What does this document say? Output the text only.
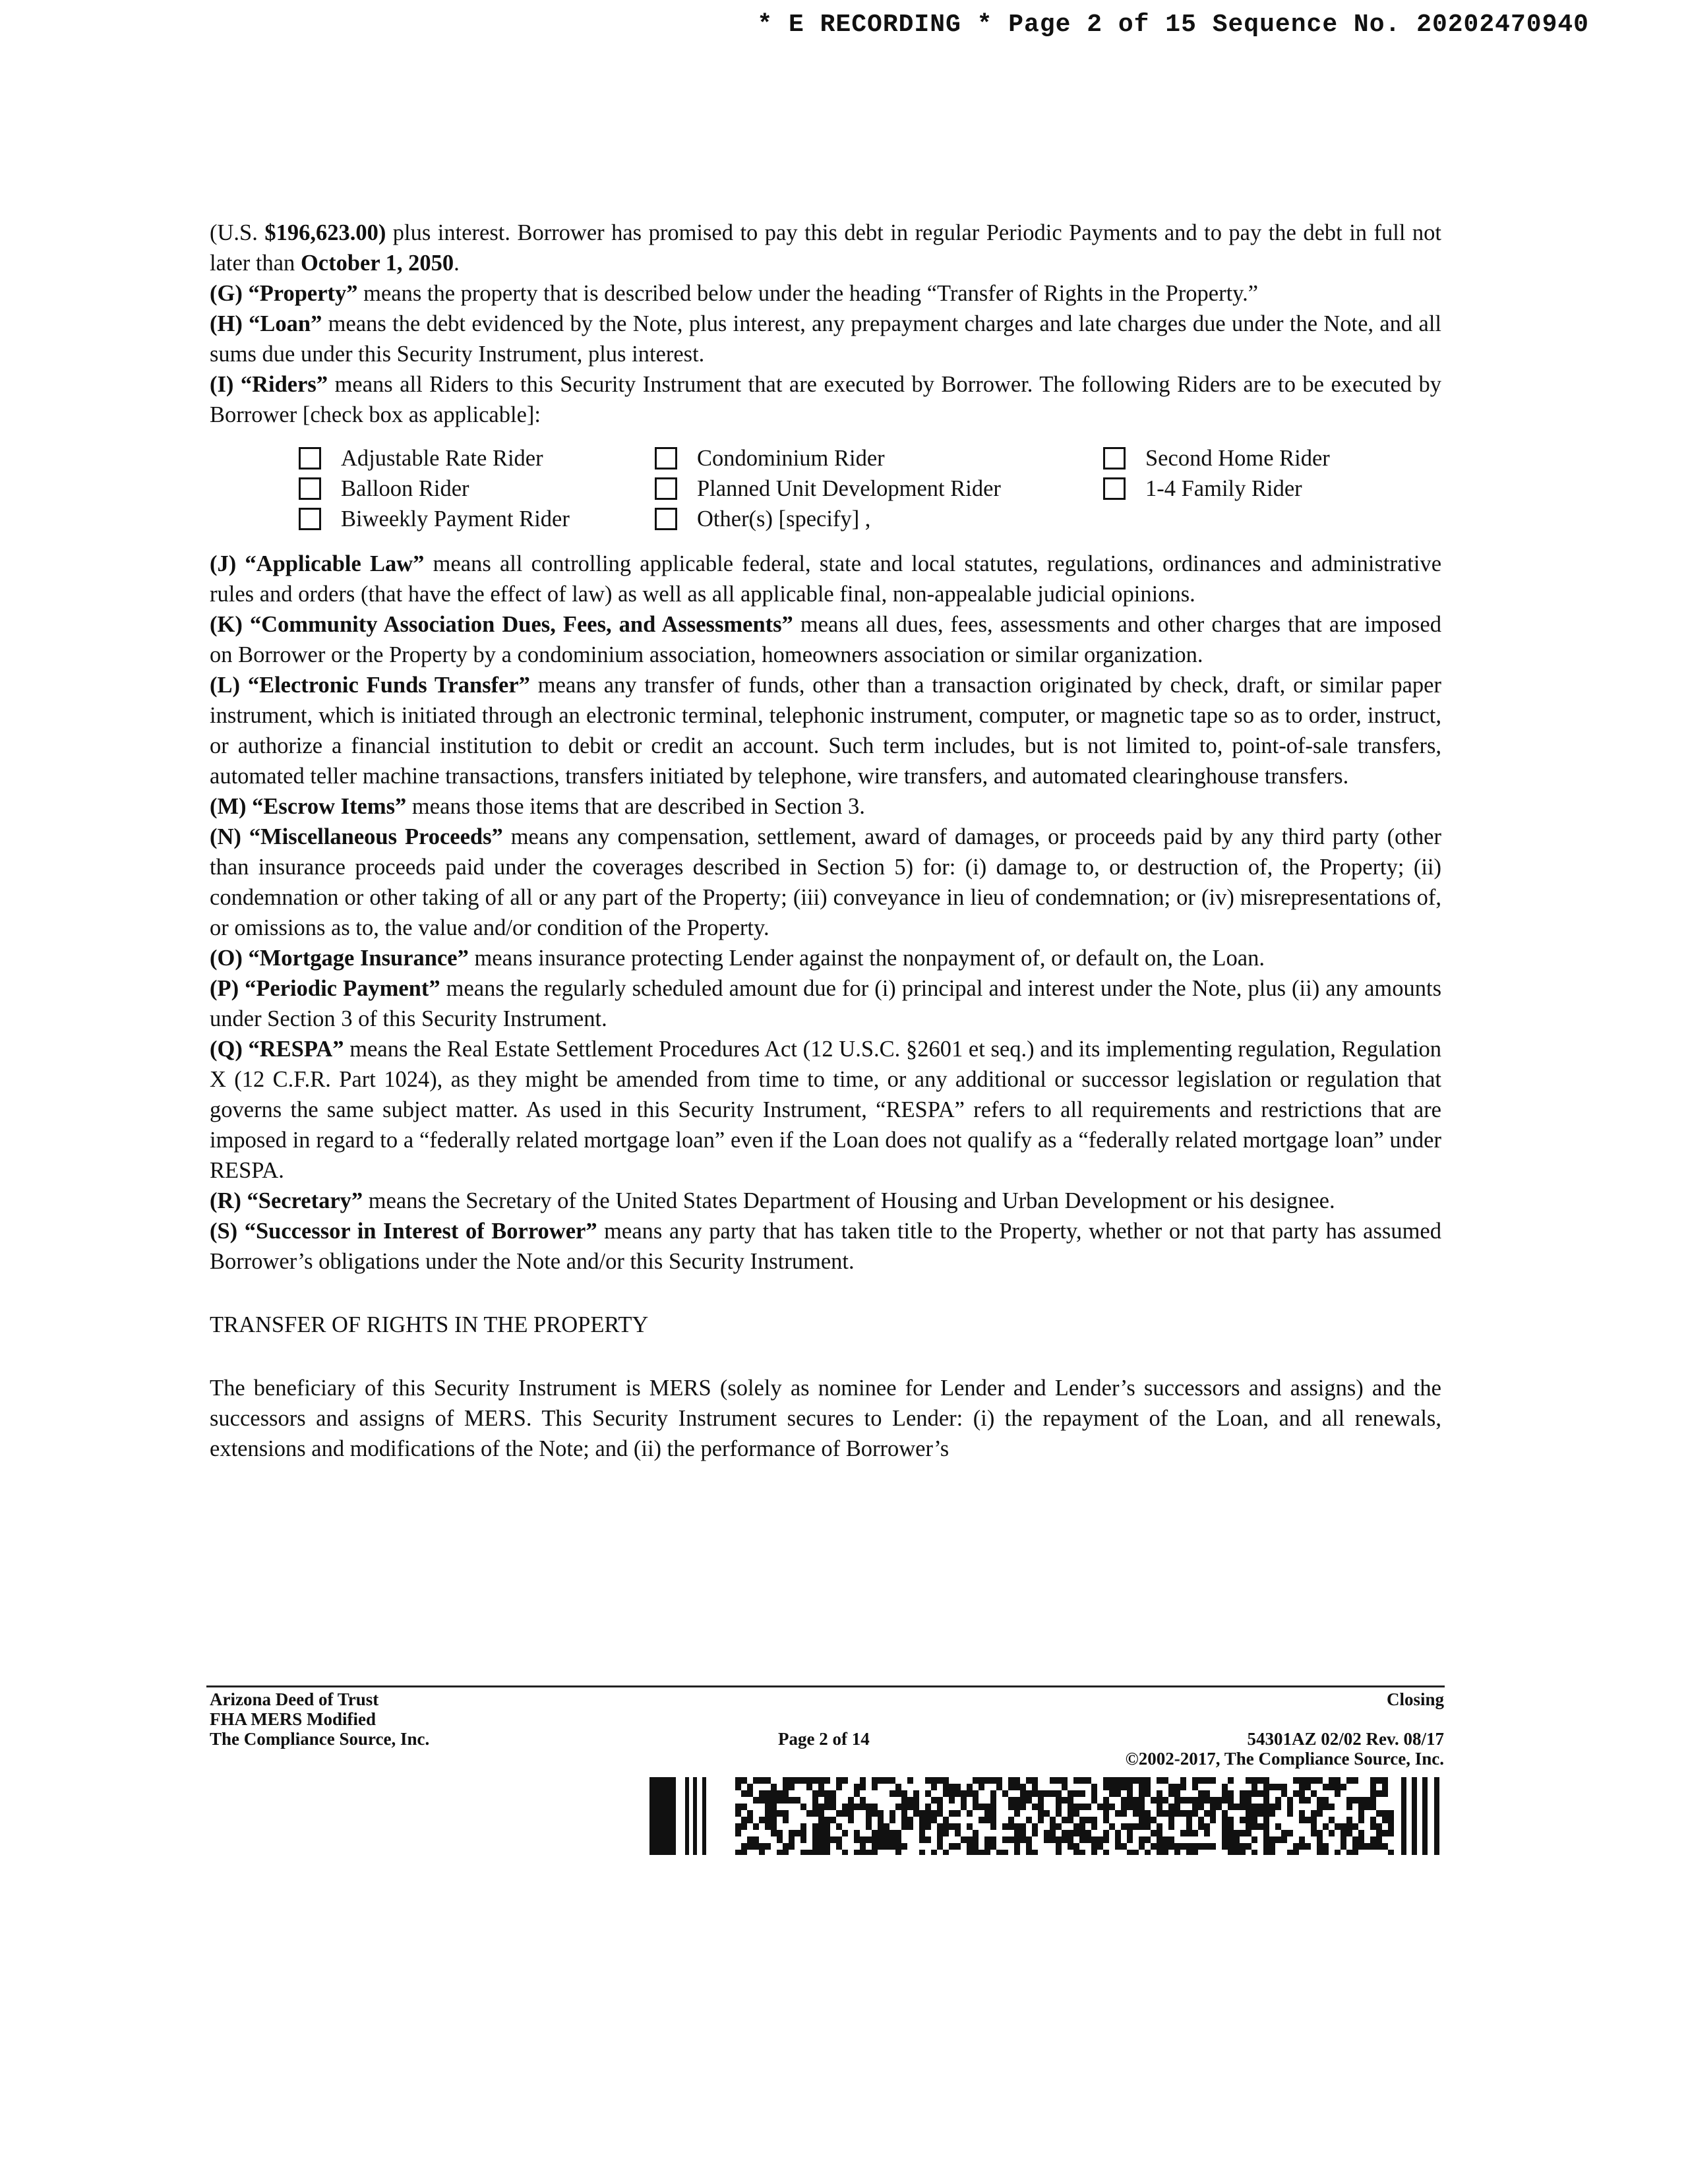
* E RECORDING * Page 2 of 15 Sequence No. 20202470940

(U.S. $196,623.00) plus interest. Borrower has promised to pay this debt in regular Periodic Payments and to pay the debt in full not later than October 1, 2050.

(G) “Property” means the property that is described below under the heading “Transfer of Rights in the Property.”

(H) “Loan” means the debt evidenced by the Note, plus interest, any prepayment charges and late charges due under the Note, and all sums due under this Security Instrument, plus interest.

(I) “Riders” means all Riders to this Security Instrument that are executed by Borrower. The following Riders are to be executed by Borrower [check box as applicable]:

Adjustable Rate Rider	Condominium Rider	Second Home Rider
Balloon Rider	Planned Unit Development Rider	1-4 Family Rider
Biweekly Payment Rider	Other(s) [specify] ,

(J) “Applicable Law” means all controlling applicable federal, state and local statutes, regulations, ordinances and administrative rules and orders (that have the effect of law) as well as all applicable final, non-appealable judicial opinions.

(K) “Community Association Dues, Fees, and Assessments” means all dues, fees, assessments and other charges that are imposed on Borrower or the Property by a condominium association, homeowners association or similar organization.

(L) “Electronic Funds Transfer” means any transfer of funds, other than a transaction originated by check, draft, or similar paper instrument, which is initiated through an electronic terminal, telephonic instrument, computer, or magnetic tape so as to order, instruct, or authorize a financial institution to debit or credit an account. Such term includes, but is not limited to, point-of-sale transfers, automated teller machine transactions, transfers initiated by telephone, wire transfers, and automated clearinghouse transfers.

(M) “Escrow Items” means those items that are described in Section 3.

(N) “Miscellaneous Proceeds” means any compensation, settlement, award of damages, or proceeds paid by any third party (other than insurance proceeds paid under the coverages described in Section 5) for: (i) damage to, or destruction of, the Property; (ii) condemnation or other taking of all or any part of the Property; (iii) conveyance in lieu of condemnation; or (iv) misrepresentations of, or omissions as to, the value and/or condition of the Property.

(O) “Mortgage Insurance” means insurance protecting Lender against the nonpayment of, or default on, the Loan.

(P) “Periodic Payment” means the regularly scheduled amount due for (i) principal and interest under the Note, plus (ii) any amounts under Section 3 of this Security Instrument.

(Q) “RESPA” means the Real Estate Settlement Procedures Act (12 U.S.C. §2601 et seq.) and its implementing regulation, Regulation X (12 C.F.R. Part 1024), as they might be amended from time to time, or any additional or successor legislation or regulation that governs the same subject matter. As used in this Security Instrument, “RESPA” refers to all requirements and restrictions that are imposed in regard to a “federally related mortgage loan” even if the Loan does not qualify as a “federally related mortgage loan” under RESPA.

(R) “Secretary” means the Secretary of the United States Department of Housing and Urban Development or his designee.

(S) “Successor in Interest of Borrower” means any party that has taken title to the Property, whether or not that party has assumed Borrower’s obligations under the Note and/or this Security Instrument.

TRANSFER OF RIGHTS IN THE PROPERTY

The beneficiary of this Security Instrument is MERS (solely as nominee for Lender and Lender’s successors and assigns) and the successors and assigns of MERS. This Security Instrument secures to Lender: (i) the repayment of the Loan, and all renewals, extensions and modifications of the Note; and (ii) the performance of Borrower’s

Arizona Deed of Trust
FHA MERS Modified
The Compliance Source, Inc.	Page 2 of 14
Closing
54301AZ 02/02 Rev. 08/17
©2002-2017, The Compliance Source, Inc.
